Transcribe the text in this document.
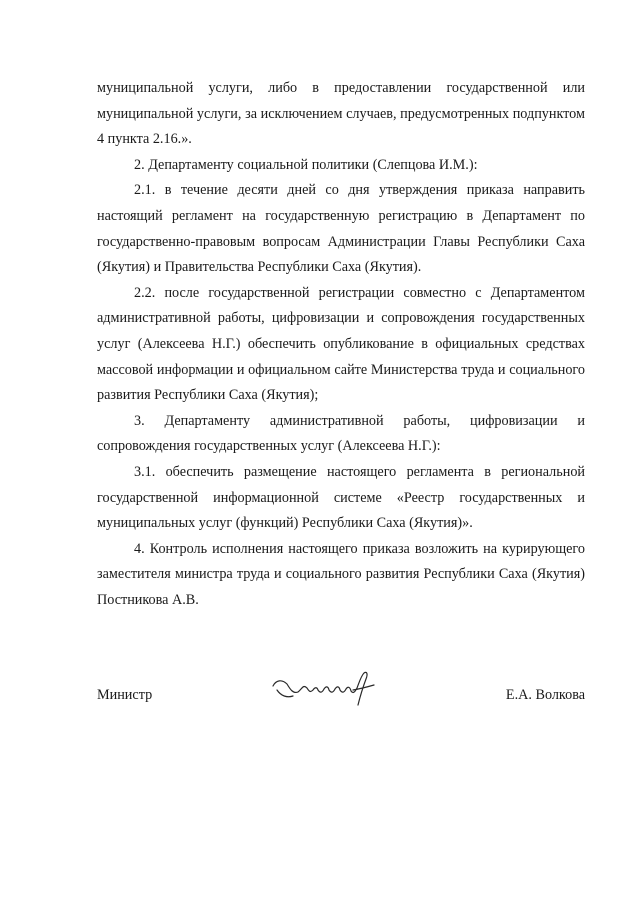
муниципальной услуги, либо в предоставлении государственной или муниципальной услуги, за исключением случаев, предусмотренных подпунктом 4 пункта 2.16.».

2. Департаменту социальной политики (Слепцова И.М.):

2.1. в течение десяти дней со дня утверждения приказа направить настоящий регламент на государственную регистрацию в Департамент по государственно-правовым вопросам Администрации Главы Республики Саха (Якутия) и Правительства Республики Саха (Якутия).

2.2. после государственной регистрации совместно с Департаментом административной работы, цифровизации и сопровождения государственных услуг (Алексеева Н.Г.) обеспечить опубликование в официальных средствах массовой информации и официальном сайте Министерства труда и социального развития Республики Саха (Якутия);

3. Департаменту административной работы, цифровизации и сопровождения государственных услуг (Алексеева Н.Г.):

3.1. обеспечить размещение настоящего регламента в региональной государственной информационной системе «Реестр государственных и муниципальных услуг (функций) Республики Саха (Якутия)».

4. Контроль исполнения настоящего приказа возложить на курирующего заместителя министра труда и социального развития Республики Саха (Якутия) Постникова А.В.

Министр	Е.А. Волкова
